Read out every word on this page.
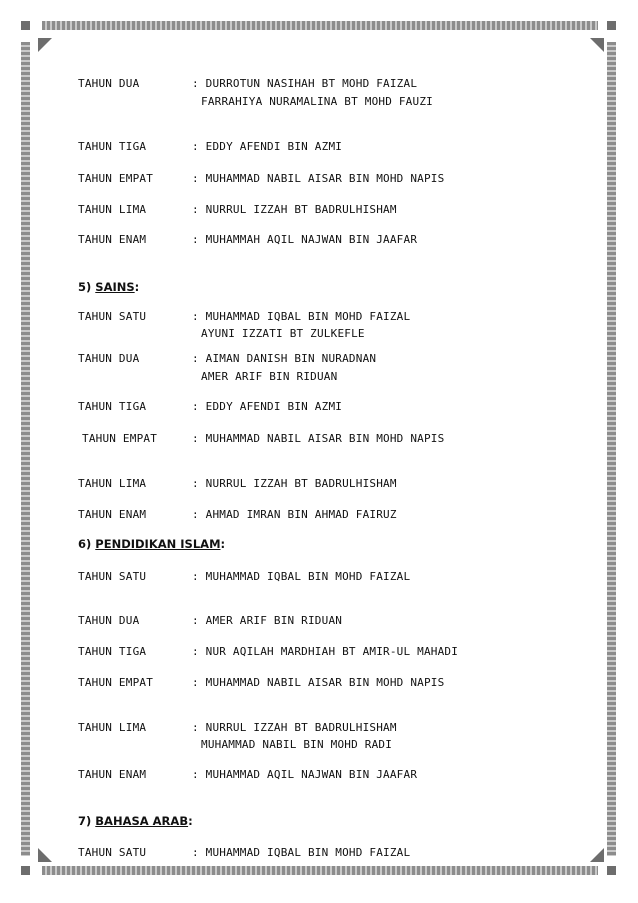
TAHUN DUA	: DURROTUN NASIHAH BT MOHD FAIZAL
FARRAHIYA NURAMALINA BT MOHD FAUZI
TAHUN TIGA	: EDDY AFENDI BIN AZMI
TAHUN EMPAT	: MUHAMMAD NABIL AISAR BIN MOHD NAPIS
TAHUN LIMA	: NURRUL IZZAH BT BADRULHISHAM
TAHUN ENAM	: MUHAMMAH AQIL NAJWAN BIN JAAFAR
5) SAINS:
TAHUN SATU	: MUHAMMAD IQBAL BIN MOHD FAIZAL
AYUNI IZZATI BT ZULKEFLE
TAHUN DUA	: AIMAN DANISH BIN NURADNAN
AMER ARIF BIN RIDUAN
TAHUN TIGA	: EDDY AFENDI BIN AZMI
TAHUN EMPAT	: MUHAMMAD NABIL AISAR BIN MOHD NAPIS
TAHUN LIMA	: NURRUL IZZAH BT BADRULHISHAM
TAHUN ENAM	: AHMAD IMRAN BIN AHMAD FAIRUZ
6) PENDIDIKAN ISLAM:
TAHUN SATU	: MUHAMMAD IQBAL BIN MOHD FAIZAL
TAHUN DUA	: AMER ARIF BIN RIDUAN
TAHUN TIGA	: NUR AQILAH MARDHIAH BT AMIR-UL MAHADI
TAHUN EMPAT	: MUHAMMAD NABIL AISAR BIN MOHD NAPIS
TAHUN LIMA	: NURRUL IZZAH BT BADRULHISHAM
MUHAMMAD NABIL BIN MOHD RADI
TAHUN ENAM	: MUHAMMAD AQIL NAJWAN BIN JAAFAR
7) BAHASA ARAB:
TAHUN SATU	: MUHAMMAD IQBAL BIN MOHD FAIZAL
